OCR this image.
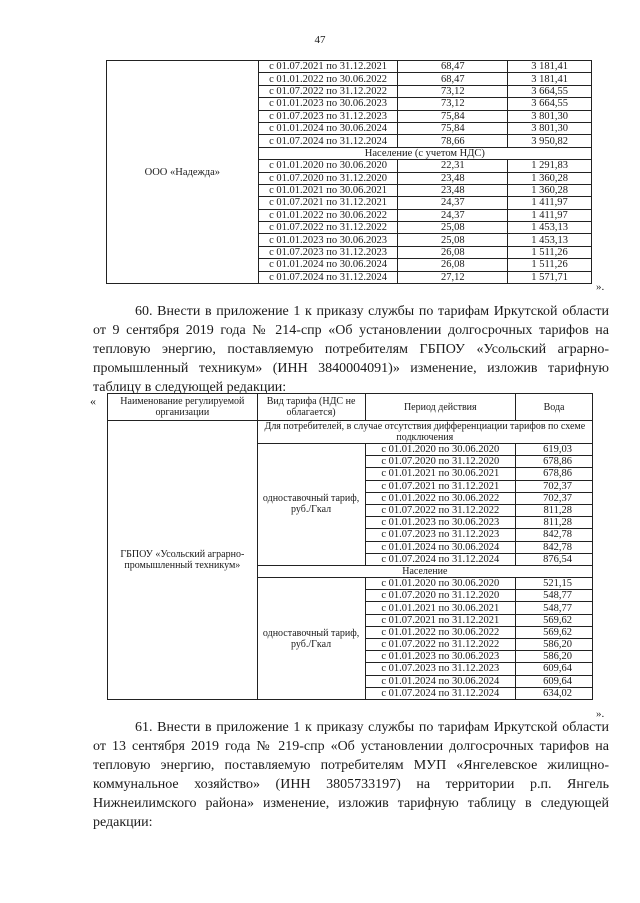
47
ООО «Надежда»	с 01.07.2021 по 31.12.2021	68,47	3 181,41
	с 01.01.2022 по 30.06.2022	68,47	3 181,41
	с 01.07.2022 по 31.12.2022	73,12	3 664,55
	с 01.01.2023 по 30.06.2023	73,12	3 664,55
	с 01.07.2023 по 31.12.2023	75,84	3 801,30
	с 01.01.2024 по 30.06.2024	75,84	3 801,30
	с 01.07.2024 по 31.12.2024	78,66	3 950,82
	Население (с учетом НДС)		
	с 01.01.2020 по 30.06.2020	22,31	1 291,83
	с 01.07.2020 по 31.12.2020	23,48	1 360,28
	с 01.01.2021 по 30.06.2021	23,48	1 360,28
	с 01.07.2021 по 31.12.2021	24,37	1 411,97
	с 01.01.2022 по 30.06.2022	24,37	1 411,97
	с 01.07.2022 по 31.12.2022	25,08	1 453,13
	с 01.01.2023 по 30.06.2023	25,08	1 453,13
	с 01.07.2023 по 31.12.2023	26,08	1 511,26
	с 01.01.2024 по 30.06.2024	26,08	1 511,26
	с 01.07.2024 по 31.12.2024	27,12	1 571,71
».
60. Внести в приложение 1 к приказу службы по тарифам Иркутской области от 9 сентября 2019 года № 214-спр «Об установлении долгосрочных тарифов на тепловую энергию, поставляемую потребителям ГБПОУ «Усольский аграрно-промышленный техникум» (ИНН 3840004091)» изменение, изложив тарифную таблицу в следующей редакции:
« Наименование регулируемой организации	Вид тарифа (НДС не облагается)	Период действия	Вода
ГБПОУ «Усольский аграрно-промышленный техникум»	Для потребителей, в случае отсутствия дифференциации тарифов по схеме подключения		
	одноставочный тариф, руб./Гкал	с 01.01.2020 по 30.06.2020	619,03
		с 01.07.2020 по 31.12.2020	678,86
		с 01.01.2021 по 30.06.2021	678,86
		с 01.07.2021 по 31.12.2021	702,37
		с 01.01.2022 по 30.06.2022	702,37
		с 01.07.2022 по 31.12.2022	811,28
		с 01.01.2023 по 30.06.2023	811,28
		с 01.07.2023 по 31.12.2023	842,78
		с 01.01.2024 по 30.06.2024	842,78
		с 01.07.2024 по 31.12.2024	876,54
	Население		
	одноставочный тариф, руб./Гкал	с 01.01.2020 по 30.06.2020	521,15
		с 01.07.2020 по 31.12.2020	548,77
		с 01.01.2021 по 30.06.2021	548,77
		с 01.07.2021 по 31.12.2021	569,62
		с 01.01.2022 по 30.06.2022	569,62
		с 01.07.2022 по 31.12.2022	586,20
		с 01.01.2023 по 30.06.2023	586,20
		с 01.07.2023 по 31.12.2023	609,64
		с 01.01.2024 по 30.06.2024	609,64
		с 01.07.2024 по 31.12.2024	634,02
».
61. Внести в приложение 1 к приказу службы по тарифам Иркутской области от 13 сентября 2019 года № 219-спр «Об установлении долгосрочных тарифов на тепловую энергию, поставляемую потребителям МУП «Янгелевское жилищно-коммунальное хозяйство» (ИНН 3805733197) на территории р.п. Янгель Нижнеилимского района» изменение, изложив тарифную таблицу в следующей редакции:
